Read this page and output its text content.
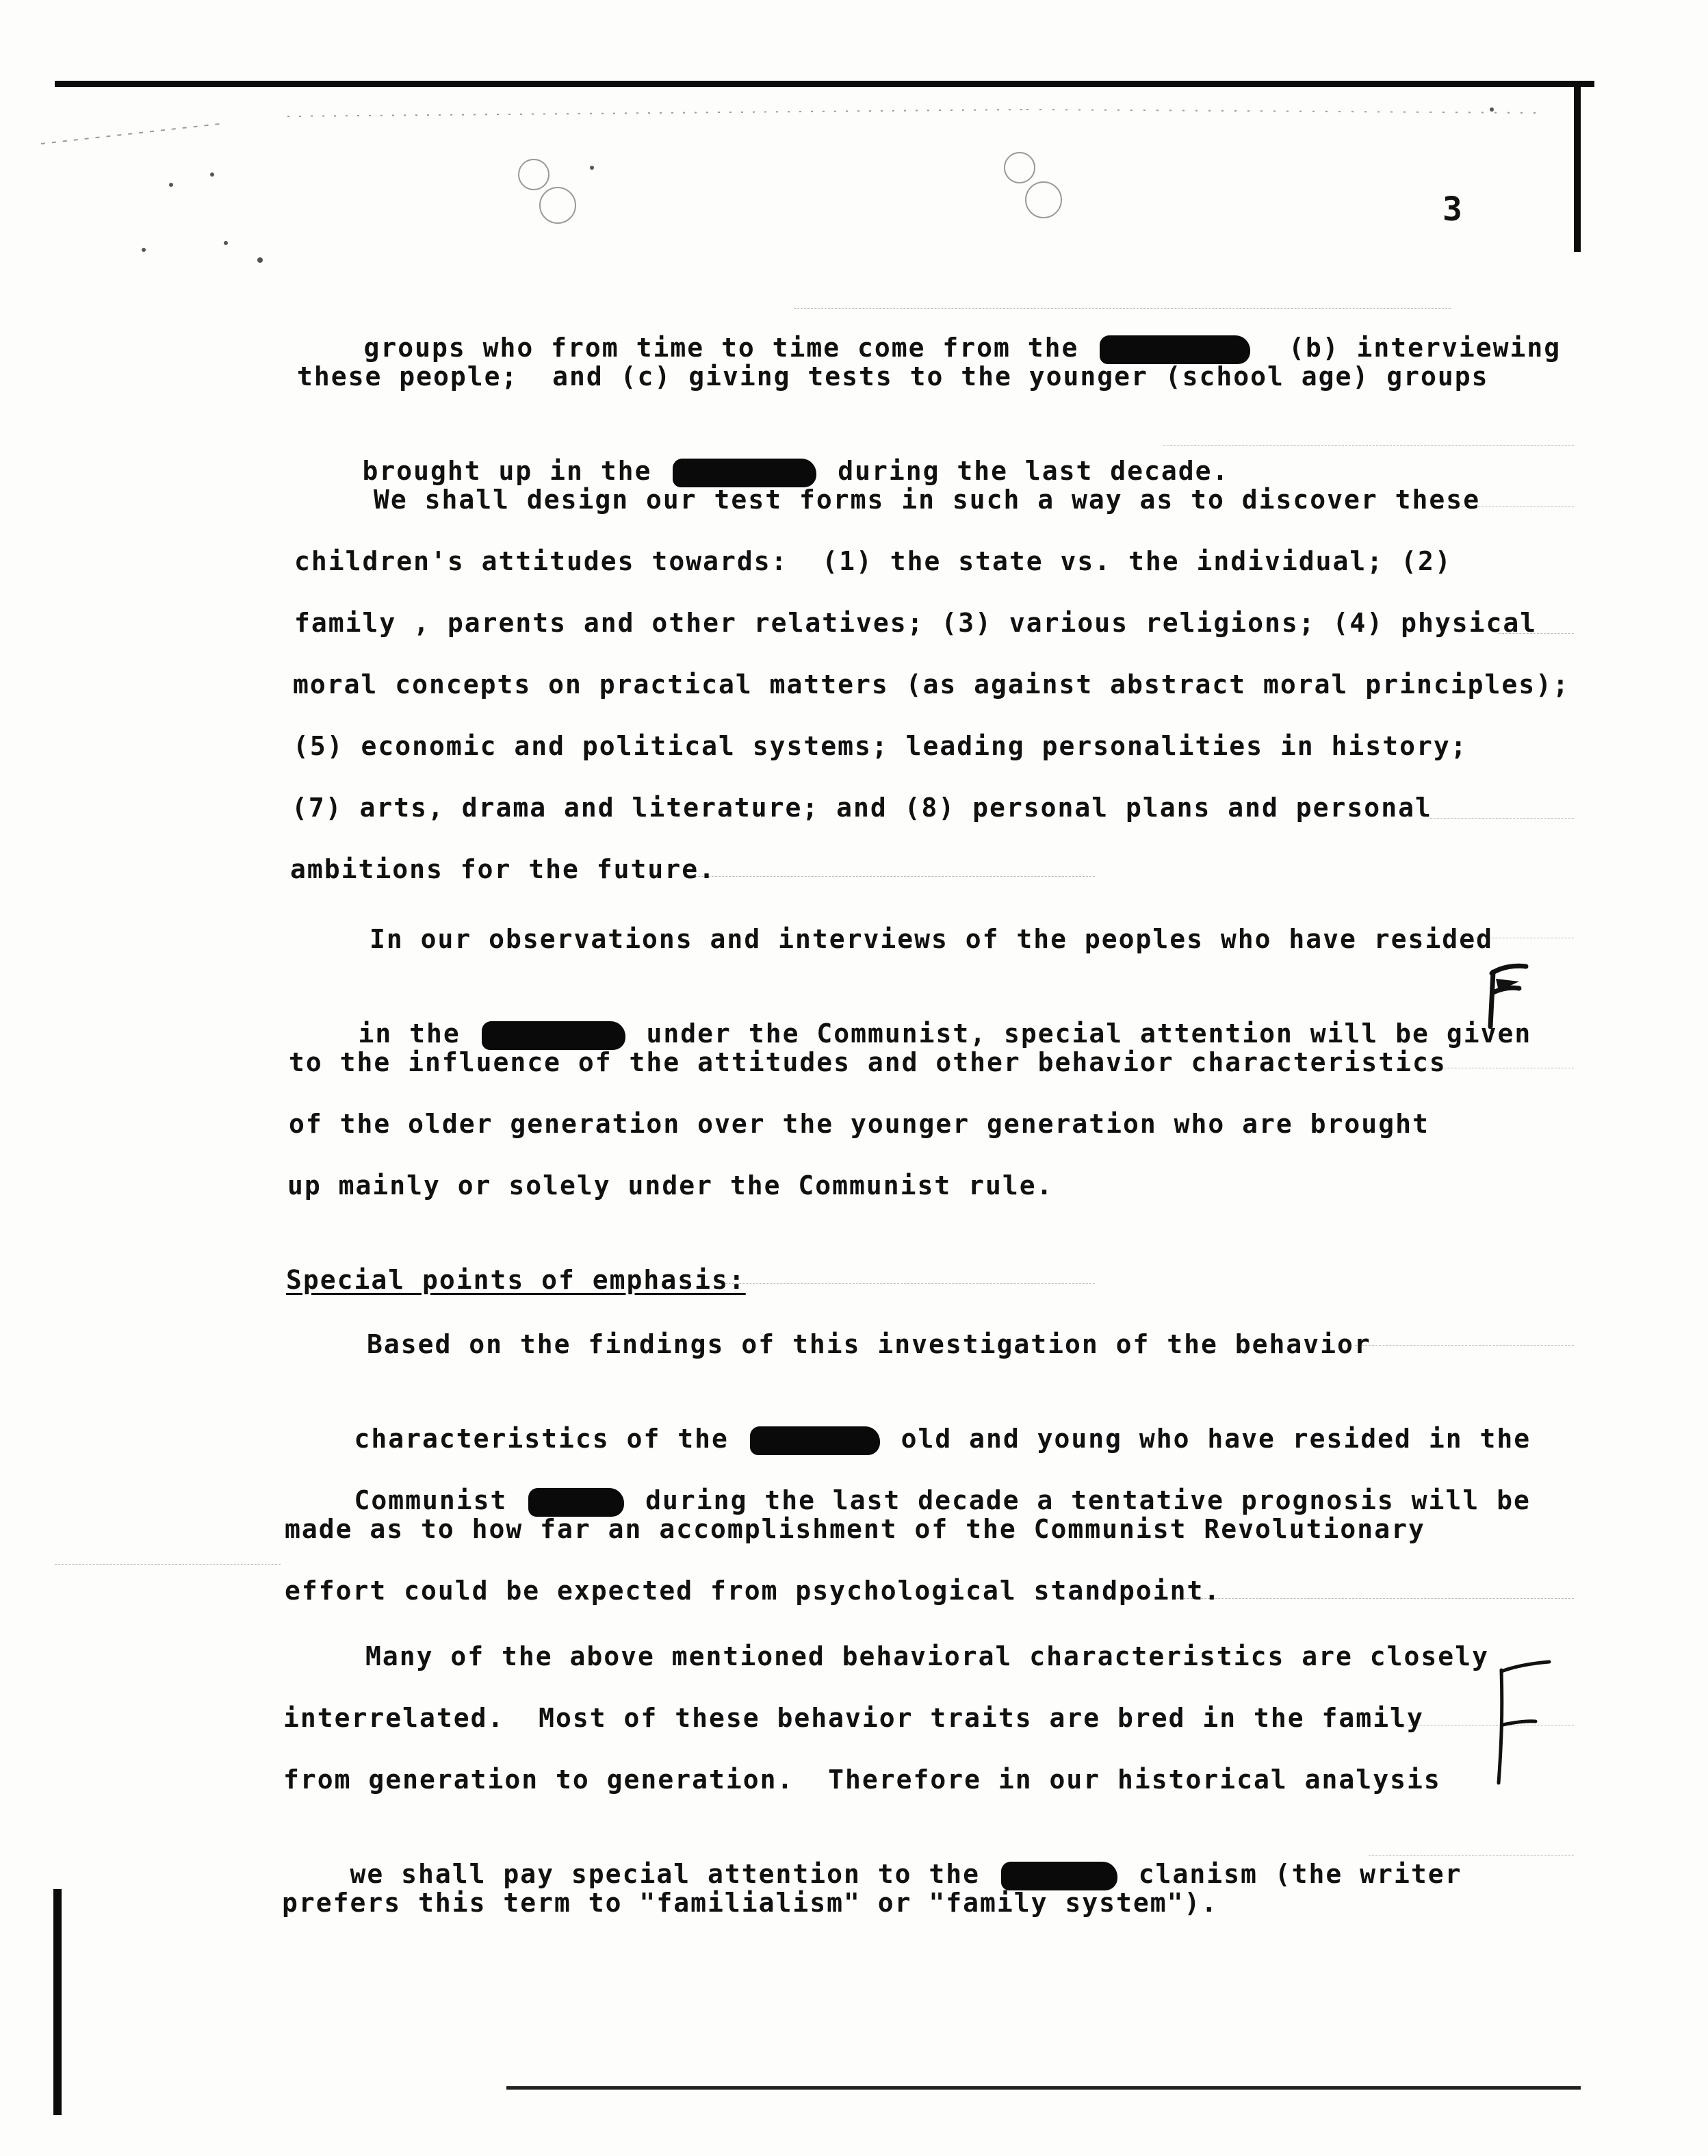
3

groups who from time to time come from the	(b) interviewing

these people;  and (c) giving tests to the younger (school age) groups

brought up in the	during the last decade.

We shall design our test forms in such a way as to discover these
children's attitudes towards:  (1) the state vs. the individual; (2)
family , parents and other relatives; (3) various religions; (4) physical
moral concepts on practical matters (as against abstract moral principles);
(5) economic and political systems; leading personalities in history;
(7) arts, drama and literature; and (8) personal plans and personal
ambitions for the future.
In our observations and interviews of the peoples who have resided

in the	under the Communist, special attention will be given

to the influence of the attitudes and other behavior characteristics
of the older generation over the younger generation who are brought
up mainly or solely under the Communist rule.
Special points of emphasis:
Based on the findings of this investigation of the behavior

characteristics of the	old and young who have resided in the

Communist	during the last decade a tentative prognosis will be

made as to how far an accomplishment of the Communist Revolutionary
effort could be expected from psychological standpoint.
Many of the above mentioned behavioral characteristics are closely
interrelated.  Most of these behavior traits are bred in the family
from generation to generation.  Therefore in our historical analysis

we shall pay special attention to the	clanism (the writer

prefers this term to "familialism" or "family system").
